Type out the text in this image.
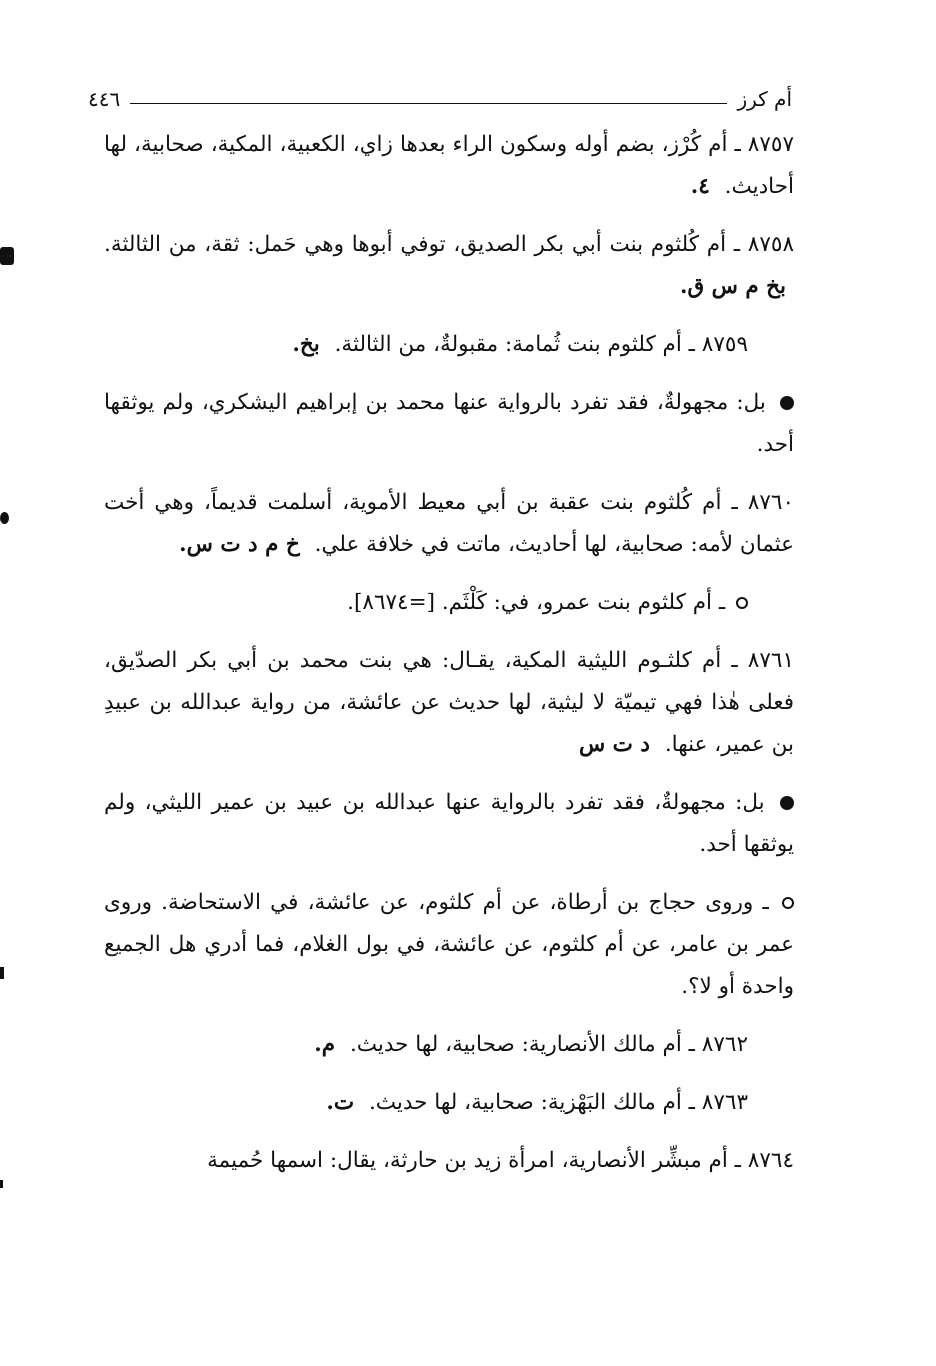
أم كرز
٤٤٦

٨٧٥٧ ـ أم كُرْز، بضم أوله وسكون الراء بعدها زاي، الكعبية، المكية، صحابية، لها أحاديث. ٤.

٨٧٥٨ ـ أم كُلثوم بنت أبي بكر الصديق، توفي أبوها وهي حَمل: ثقة، من الثالثة. بخ م س ق.

٨٧٥٩ ـ أم كلثوم بنت ثُمامة: مقبولةٌ، من الثالثة. بخ.

بل: مجهولةٌ، فقد تفرد بالرواية عنها محمد بن إبراهيم اليشكري، ولم يوثقها أحد.

٨٧٦٠ ـ أم كُلثوم بنت عقبة بن أبي معيط الأموية، أسلمت قديماً، وهي أخت عثمان لأمه: صحابية، لها أحاديث، ماتت في خلافة علي. خ م د ت س.

ـ أم كلثوم بنت عمرو، في: كَلْثَم. [=٨٦٧٤].

٨٧٦١ ـ أم كلثـوم الليثية المكية، يقـال: هي بنت محمد بن أبي بكر الصدّيق، فعلى هٰذا فهي تيميّة لا ليثية، لها حديث عن عائشة، من رواية عبدالله بن عبيدِ بن عمير، عنها. د ت س

بل: مجهولةٌ، فقد تفرد بالرواية عنها عبدالله بن عبيد بن عمير الليثي، ولم يوثقها أحد.

ـ وروى حجاج بن أرطاة، عن أم كلثوم، عن عائشة، في الاستحاضة. وروى عمر بن عامر، عن أم كلثوم، عن عائشة، في بول الغلام، فما أدري هل الجميع واحدة أو لا؟.

٨٧٦٢ ـ أم مالك الأنصارية: صحابية، لها حديث. م.

٨٧٦٣ ـ أم مالك البَهْزية: صحابية، لها حديث. ت.

٨٧٦٤ ـ أم مبشِّر الأنصارية، امرأة زيد بن حارثة، يقال: اسمها حُميمة
